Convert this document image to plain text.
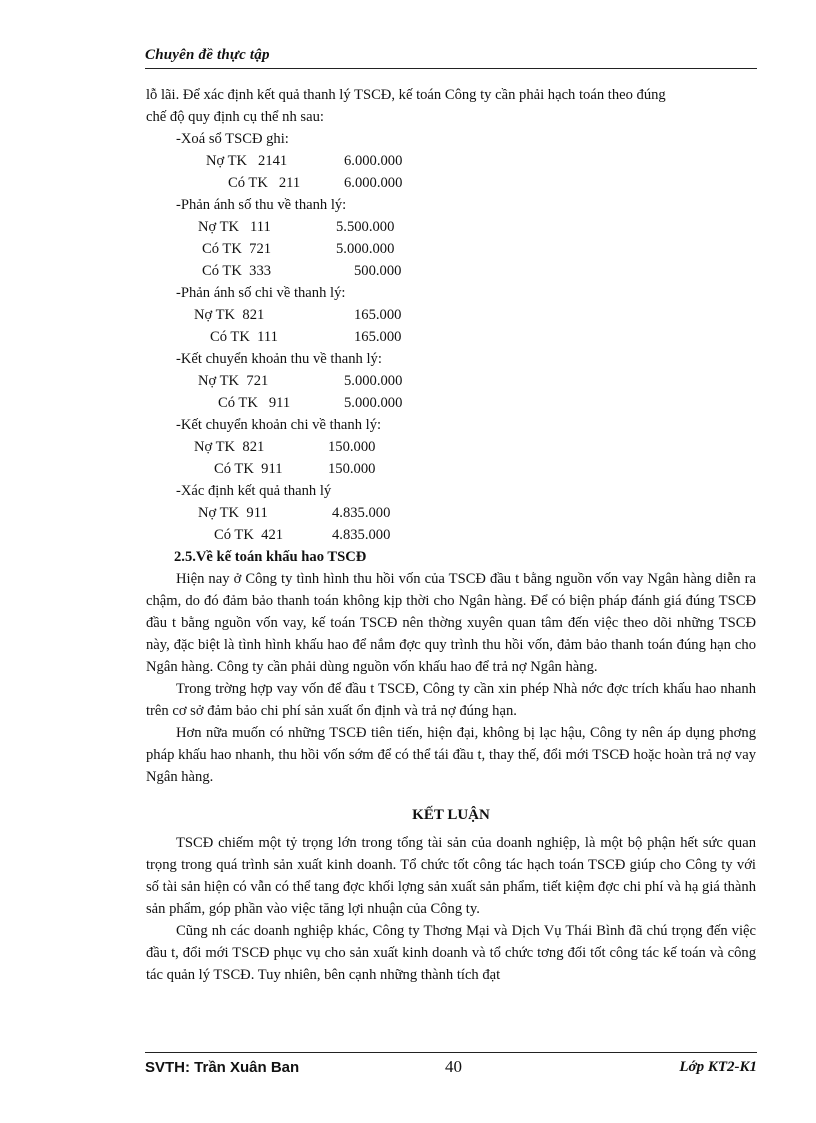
Chuyên đề thực tập

lỗ lãi. Để xác định kết quả thanh lý TSCĐ, kế toán Công ty cần phải hạch toán theo đúng

chế độ quy định cụ thể nh sau:

-Xoá sổ TSCĐ ghi:

Nợ TK   2141	6.000.000
Có TK   211	6.000.000

-Phản ánh số thu về thanh lý:

Nợ TK   111	5.500.000
Có TK  721	5.000.000
Có TK  333	500.000

-Phản ánh số chi về thanh lý:

Nợ TK  821	165.000
Có TK  111	165.000

-Kết chuyển khoản thu về thanh lý:

Nợ TK  721	5.000.000
Có TK   911	5.000.000

-Kết chuyển khoản chi về thanh lý:

Nợ TK  821	150.000
Có TK  911	150.000

-Xác định kết quả thanh lý

Nợ TK  911	4.835.000
Có TK  421	4.835.000

2.5.Về kế toán khấu hao TSCĐ

Hiện nay ở Công ty tình hình thu hồi vốn của TSCĐ đầu t bằng nguồn vốn vay Ngân hàng diễn ra chậm, do đó đảm bảo thanh toán không kịp thời cho Ngân hàng. Để có biện pháp đánh giá đúng TSCĐ đầu t bằng nguồn vốn vay, kế toán TSCĐ nên thờng xuyên quan tâm đến việc theo dõi những TSCĐ này, đặc biệt là tình hình khấu hao để nắm đợc quy trình thu hồi vốn, đảm bảo thanh toán đúng hạn cho Ngân hàng. Công ty cần phải dùng nguồn vốn khấu hao để trả nợ Ngân hàng.

Trong trờng hợp vay vốn để đầu t TSCĐ, Công ty cần xin phép Nhà nớc đợc trích khấu hao nhanh trên cơ sở đảm bảo chi phí sản xuất ổn định và trả nợ đúng hạn.

Hơn nữa muốn có những TSCĐ tiên tiến, hiện đại, không bị lạc hậu, Công ty nên áp dụng phơng pháp khấu hao nhanh, thu hồi vốn sớm để có thể tái đầu t, thay thế, đổi mới TSCĐ hoặc hoàn trả nợ vay Ngân hàng.

KẾT LUẬN

TSCĐ chiếm một tỷ trọng lớn trong tổng tài sản của doanh nghiệp, là một bộ phận hết sức quan trọng trong quá trình sản xuất kinh doanh. Tổ chức tốt công tác hạch toán TSCĐ giúp cho Công ty với số tài sản hiện có vẫn có thể tang đợc khối lợng sản xuất sản phẩm, tiết kiệm đợc chi phí và hạ giá thành sản phẩm, góp phần vào việc tăng lợi nhuận của Công ty.

Cũng nh các doanh nghiệp khác, Công ty Thơng Mại và Dịch Vụ Thái Bình đã chú trọng đến việc đầu t, đổi mới TSCĐ phục vụ cho sản xuất kinh doanh và tổ chức tơng đối tốt công tác kế toán và công tác quản lý TSCĐ. Tuy nhiên, bên cạnh những thành tích đạt

SVTH: Trần Xuân Ban	40	Lớp KT2-K1
